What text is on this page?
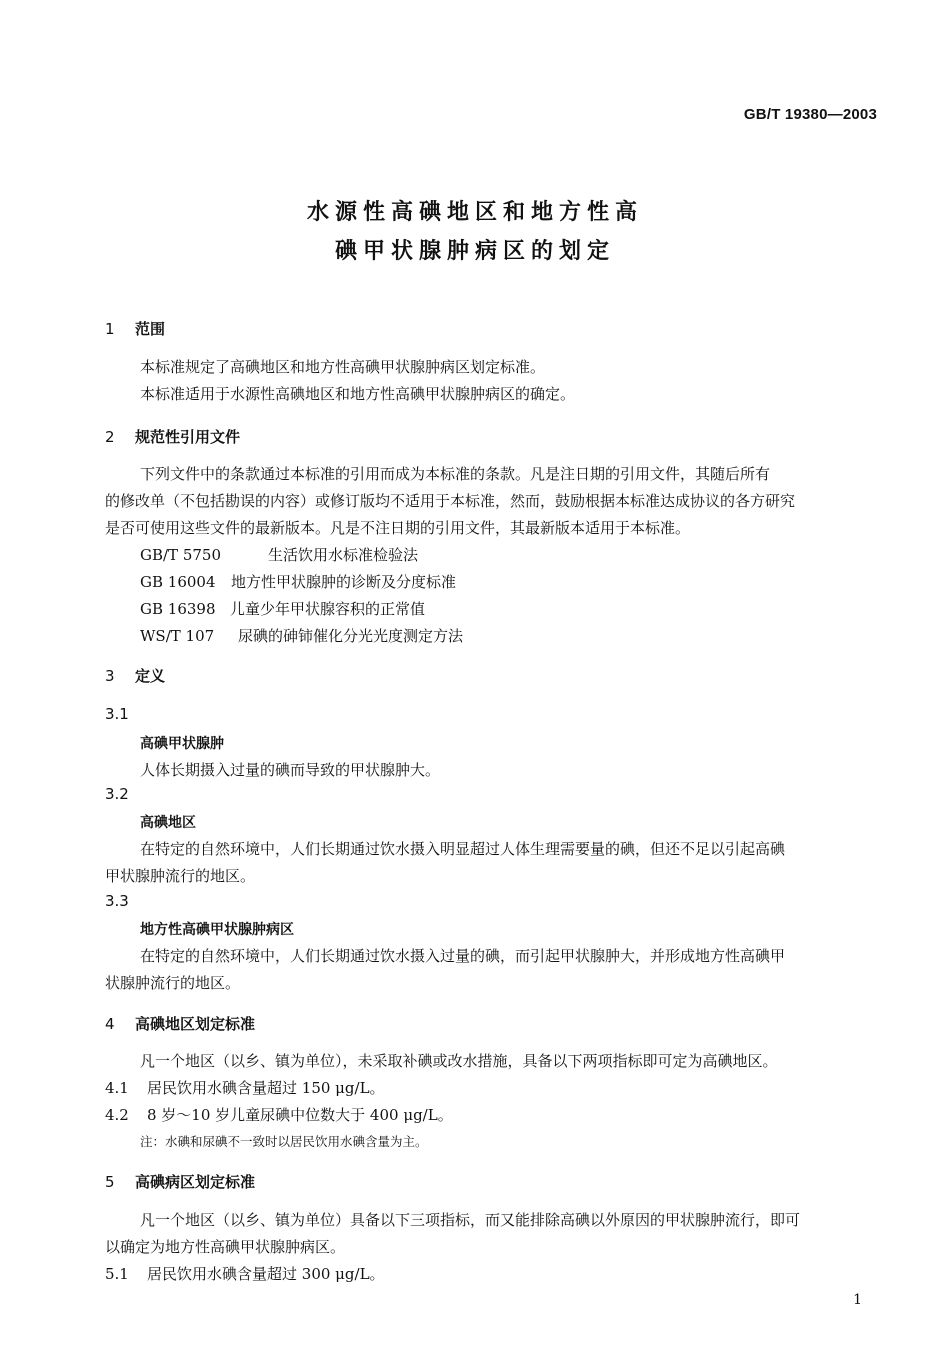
GB/T 19380—2003
水源性高碘地区和地方性高
碘甲状腺肿病区的划定
1 范围
本标准规定了高碘地区和地方性高碘甲状腺肿病区划定标准。
本标准适用于水源性高碘地区和地方性高碘甲状腺肿病区的确定。
2 规范性引用文件
下列文件中的条款通过本标准的引用而成为本标准的条款。凡是注日期的引用文件，其随后所有
的修改单（不包括勘误的内容）或修订版均不适用于本标准，然而，鼓励根据本标准达成协议的各方研究
是否可使用这些文件的最新版本。凡是不注日期的引用文件，其最新版本适用于本标准。
GB/T 5750	生活饮用水标准检验法
GB 16004 地方性甲状腺肿的诊断及分度标准
GB 16398 儿童少年甲状腺容积的正常值
WS/T 107 尿碘的砷铈催化分光光度测定方法
3 定义
3.1
高碘甲状腺肿
人体长期摄入过量的碘而导致的甲状腺肿大。
3.2
高碘地区
在特定的自然环境中，人们长期通过饮水摄入明显超过人体生理需要量的碘，但还不足以引起高碘
甲状腺肿流行的地区。
3.3
地方性高碘甲状腺肿病区
在特定的自然环境中，人们长期通过饮水摄入过量的碘，而引起甲状腺肿大，并形成地方性高碘甲
状腺肿流行的地区。
4 高碘地区划定标准
凡一个地区（以乡、镇为单位），未采取补碘或改水措施，具备以下两项指标即可定为高碘地区。
4.1 居民饮用水碘含量超过 150 μg/L。
4.2 8 岁～10 岁儿童尿碘中位数大于 400 μg/L。
注：水碘和尿碘不一致时以居民饮用水碘含量为主。
5 高碘病区划定标准
凡一个地区（以乡、镇为单位）具备以下三项指标，而又能排除高碘以外原因的甲状腺肿流行，即可
以确定为地方性高碘甲状腺肿病区。
5.1 居民饮用水碘含量超过 300 μg/L。
1
